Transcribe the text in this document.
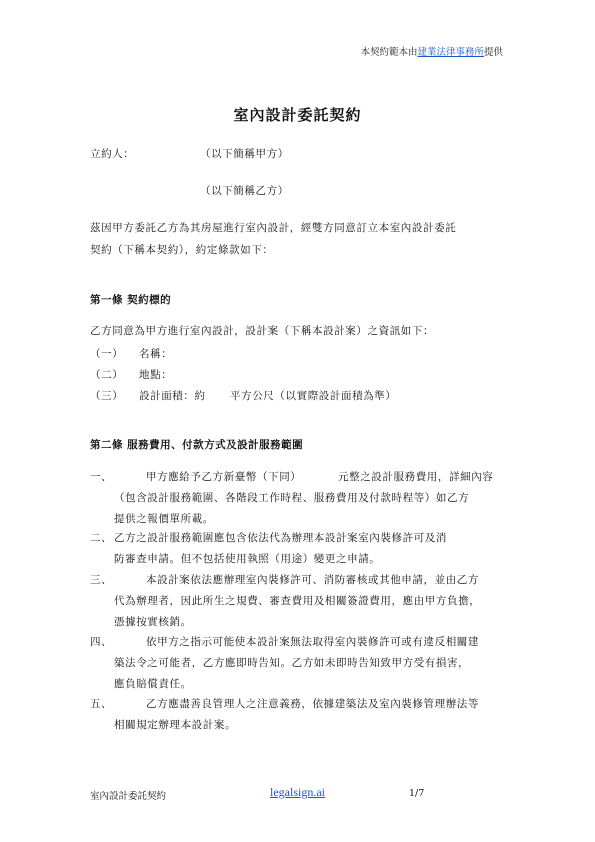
本契約範本由建業法律事務所提供
室內設計委託契約
立約人：	（以下簡稱甲方）
（以下簡稱乙方）
茲因甲方委託乙方為其房屋進行室內設計，經雙方同意訂立本室內設計委託
契約（下稱本契約），約定條款如下：
第一條 契約標的
乙方同意為甲方進行室內設計，設計案（下稱本設計案）之資訊如下：
（一） 名稱：
（二） 地點：
（三） 設計面積：約 平方公尺（以實際設計面積為準）
第二條 服務費用、付款方式及設計服務範圍
一、	甲方應給予乙方新臺幣（下同）	元整之設計服務費用，詳細內容
（包含設計服務範圍、各階段工作時程、服務費用及付款時程等）如乙方
提供之報價單所載。
二、 乙方之設計服務範圍應包含依法代為辦理本設計案室內裝修許可及消
防審查申請。但不包括使用執照（用途）變更之申請。
三、	本設計案依法應辦理室內裝修許可、消防審核或其他申請，並由乙方
代為辦理者，因此所生之規費、審查費用及相關簽證費用，應由甲方負擔，
憑據按實核銷。
四、	依甲方之指示可能使本設計案無法取得室內裝修許可或有違反相關建
築法令之可能者，乙方應即時告知。乙方如未即時告知致甲方受有損害，
應負賠償責任。
五、	乙方應盡善良管理人之注意義務，依據建築法及室內裝修管理辦法等
相關規定辦理本設計案。
室內設計委託契約	legalsign.ai	1/7
